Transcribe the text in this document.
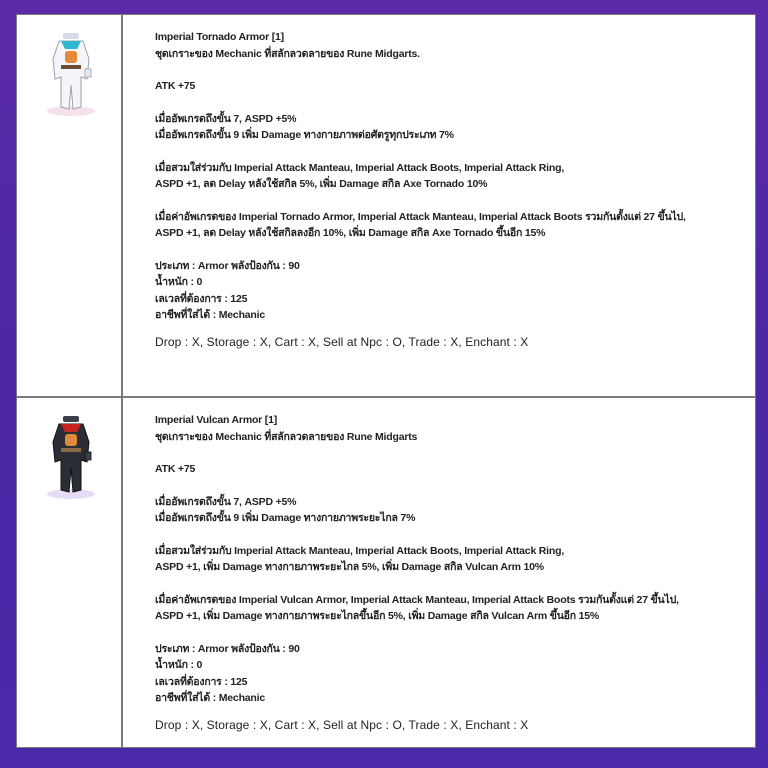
Imperial Tornado Armor [1]
ชุดเกราะของ Mechanic ที่สลักลวดลายของ Rune Midgarts.
ATK +75
เมื่ออัพเกรดถึงขั้น 7, ASPD +5%
เมื่ออัพเกรดถึงขั้น 9 เพิ่ม Damage ทางกายภาพต่อศัตรูทุกประเภท 7%
เมื่อสวมใส่ร่วมกับ Imperial Attack Manteau, Imperial Attack Boots, Imperial Attack Ring,
ASPD +1, ลด Delay หลังใช้สกิล 5%, เพิ่ม Damage สกิล Axe Tornado 10%
เมื่อค่าอัพเกรดของ Imperial Tornado Armor, Imperial Attack Manteau, Imperial Attack Boots รวมกันตั้งแต่ 27 ขึ้นไป,
ASPD +1, ลด Delay หลังใช้สกิลลงอีก 10%, เพิ่ม Damage สกิล Axe Tornado ขึ้นอีก 15%
ประเภท : Armor พลังป้องกัน : 90
น้ำหนัก : 0
เลเวลที่ต้องการ : 125
อาชีพที่ใส่ได้ : Mechanic
Drop : X, Storage : X, Cart : X, Sell at Npc : O, Trade : X, Enchant : X
Imperial Vulcan Armor [1]
ชุดเกราะของ Mechanic ที่สลักลวดลายของ Rune Midgarts
ATK +75
เมื่ออัพเกรดถึงขั้น 7, ASPD +5%
เมื่ออัพเกรดถึงขั้น 9 เพิ่ม Damage ทางกายภาพระยะไกล 7%
เมื่อสวมใส่ร่วมกับ Imperial Attack Manteau, Imperial Attack Boots, Imperial Attack Ring,
ASPD +1, เพิ่ม Damage ทางกายภาพระยะไกล 5%, เพิ่ม Damage สกิล Vulcan Arm 10%
เมื่อค่าอัพเกรดของ Imperial Vulcan Armor, Imperial Attack Manteau, Imperial Attack Boots รวมกันตั้งแต่ 27 ขึ้นไป,
ASPD +1, เพิ่ม Damage ทางกายภาพระยะไกลขึ้นอีก 5%, เพิ่ม Damage สกิล Vulcan Arm ขึ้นอีก 15%
ประเภท : Armor พลังป้องกัน : 90
น้ำหนัก : 0
เลเวลที่ต้องการ : 125
อาชีพที่ใส่ได้ : Mechanic
Drop : X, Storage : X, Cart : X, Sell at Npc : O, Trade : X, Enchant : X
